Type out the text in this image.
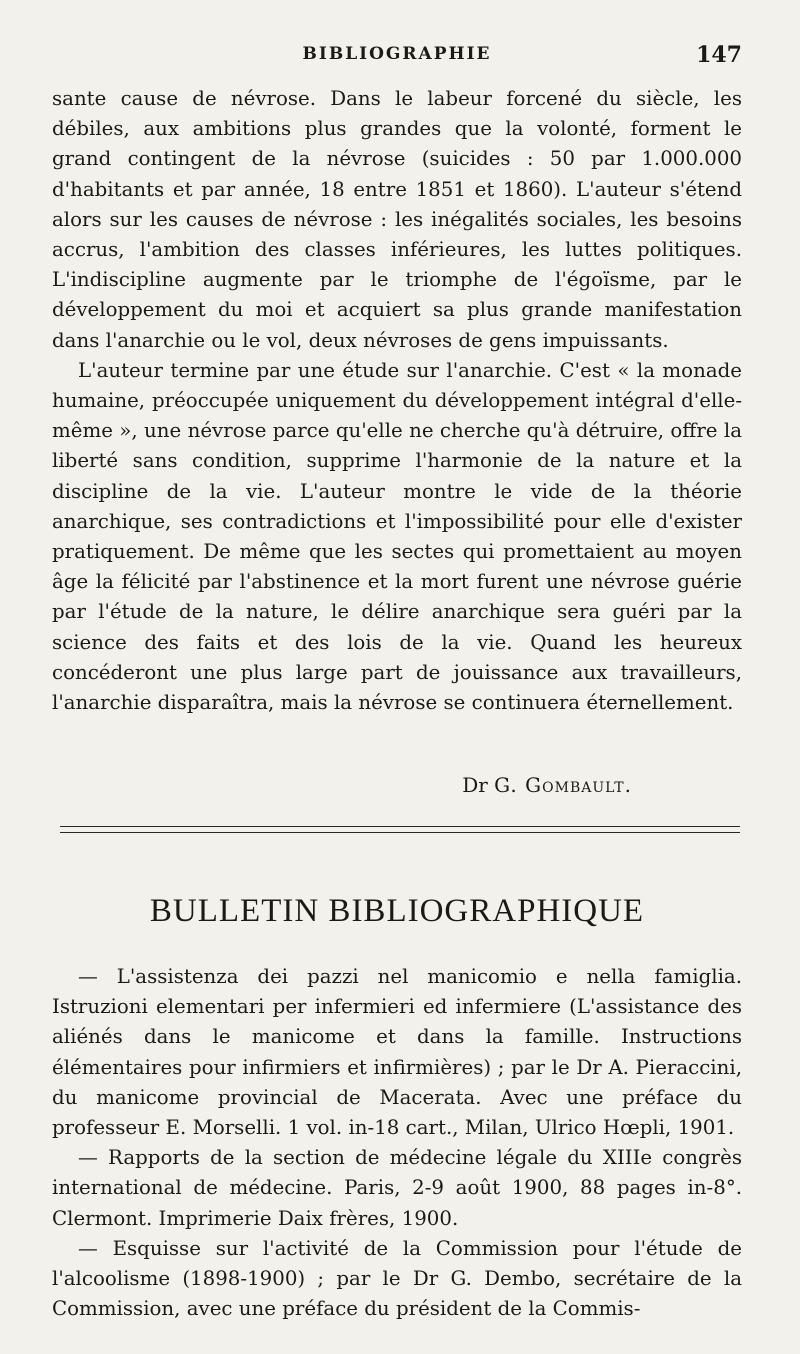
BIBLIOGRAPHIE	147

sante cause de névrose. Dans le labeur forcené du siècle, les débiles, aux ambitions plus grandes que la volonté, forment le grand contingent de la névrose (suicides : 50 par 1.000.000 d'habitants et par année, 18 entre 1851 et 1860). L'auteur s'étend alors sur les causes de névrose : les inégalités sociales, les besoins accrus, l'ambition des classes inférieures, les luttes politiques. L'indiscipline augmente par le triomphe de l'égoïsme, par le développement du moi et acquiert sa plus grande manifestation dans l'anarchie ou le vol, deux névroses de gens impuissants.

L'auteur termine par une étude sur l'anarchie. C'est « la monade humaine, préoccupée uniquement du développement intégral d'elle-même », une névrose parce qu'elle ne cherche qu'à détruire, offre la liberté sans condition, supprime l'harmonie de la nature et la discipline de la vie. L'auteur montre le vide de la théorie anarchique, ses contradictions et l'impossibilité pour elle d'exister pratiquement. De même que les sectes qui promettaient au moyen âge la félicité par l'abstinence et la mort furent une névrose guérie par l'étude de la nature, le délire anarchique sera guéri par la science des faits et des lois de la vie. Quand les heureux concéderont une plus large part de jouissance aux travailleurs, l'anarchie disparaîtra, mais la névrose se continuera éternellement.

Dr G. Gombault.
BULLETIN BIBLIOGRAPHIQUE

— L'assistenza dei pazzi nel manicomio e nella famiglia. Istruzioni elementari per infermieri ed infermiere (L'assistance des aliénés dans le manicome et dans la famille. Instructions élémentaires pour infirmiers et infirmières) ; par le Dr A. Pieraccini, du manicome provincial de Macerata. Avec une préface du professeur E. Morselli. 1 vol. in-18 cart., Milan, Ulrico Hœpli, 1901.

— Rapports de la section de médecine légale du XIIIe congrès international de médecine. Paris, 2-9 août 1900, 88 pages in-8°. Clermont. Imprimerie Daix frères, 1900.

— Esquisse sur l'activité de la Commission pour l'étude de l'alcoolisme (1898-1900) ; par le Dr G. Dembo, secrétaire de la Commission, avec une préface du président de la Commis-
